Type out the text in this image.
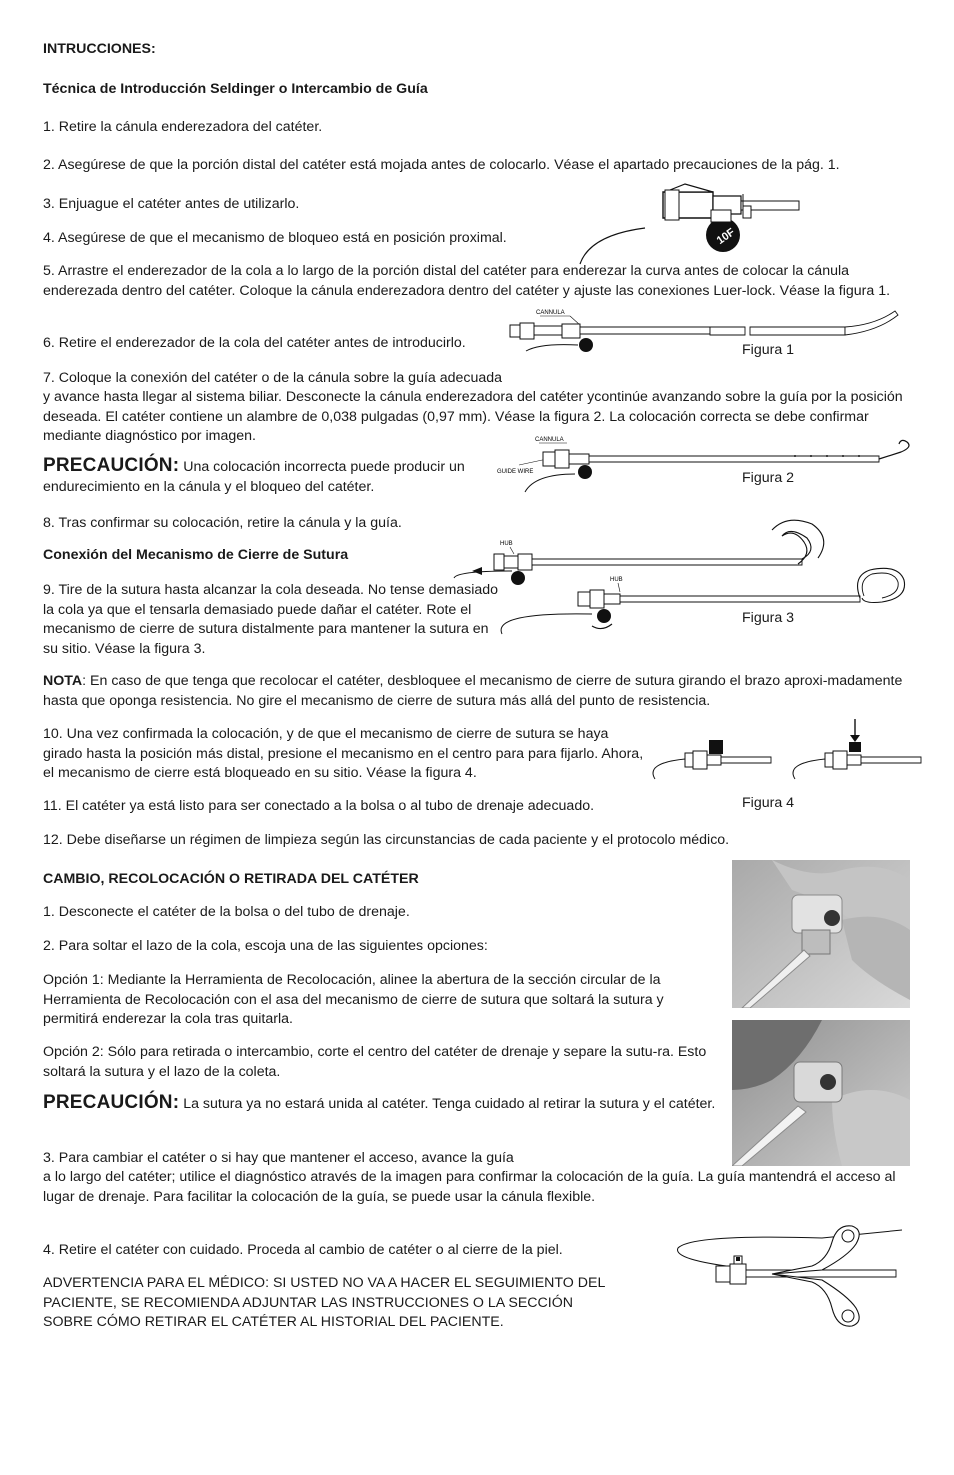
INTRUCCIONES:

Técnica de Introducción Seldinger o Intercambio de Guía

1. Retire la cánula enderezadora del catéter.

2. Asegúrese de que la porción distal del catéter está mojada antes de colocarlo. Véase el apartado precauciones de la pág. 1.

3. Enjuague el catéter antes de utilizarlo.

4. Asegúrese de que el mecanismo de bloqueo está en posición proximal.

5. Arrastre el enderezador de la cola a lo largo de la porción distal del catéter para enderezar la curva antes de colocar la cánula enderezada dentro del catéter. Coloque la cánula enderezadora dentro del catéter y ajuste las conexiones Luer-lock. Véase la figura 1.

6. Retire el enderezador de la cola del catéter antes de introducirlo.

7. Coloque la conexión del catéter o de la cánula sobre la guía adecuada

y avance hasta llegar al sistema biliar. Desconecte la cánula enderezadora del catéter ycontinúe avanzando sobre la guía por la posición deseada. El catéter contiene un alambre de 0,038 pulgadas (0,97 mm). Véase la figura 2. La colocación correcta se debe confirmar mediante diagnóstico por imagen.

PRECAUCIÓN: Una colocación incorrecta puede producir un endurecimiento en la cánula y el bloqueo del catéter.

8. Tras confirmar su colocación, retire la cánula y la guía.

Conexión del Mecanismo de Cierre de Sutura

9. Tire de la sutura hasta alcanzar la cola deseada. No tense demasiado la cola ya que el tensarla demasiado puede dañar el catéter. Rote el mecanismo de cierre de sutura distalmente para mantener la sutura en su sitio. Véase la figura 3.

NOTA: En caso de que tenga que recolocar el catéter, desbloquee el mecanismo de cierre de sutura girando el brazo aproxi-madamente hasta que oponga resistencia. No gire el mecanismo de cierre de sutura más allá del punto de resistencia.

10. Una vez confirmada la colocación, y de que el mecanismo de cierre de sutura se haya girado hasta la posición más distal, presione el mecanismo en el centro para para fijarlo. Ahora, el mecanismo de cierre está bloqueado en su sitio. Véase la figura 4.

11. El catéter ya está listo para ser conectado a la bolsa o al tubo de drenaje adecuado.

12. Debe diseñarse un régimen de limpieza según las circunstancias de cada paciente y el protocolo médico.

CAMBIO, RECOLOCACIÓN O RETIRADA DEL CATÉTER

1. Desconecte el catéter de la bolsa o del tubo de drenaje.

2. Para soltar el lazo de la cola, escoja una de las siguientes opciones:

Opción 1: Mediante la Herramienta de Recolocación, alinee la abertura de la sección circular de la Herramienta de Recolocación con el asa del mecanismo de cierre de sutura que soltará la sutura y permitirá enderezar la cola tras quitarla.

Opción 2: Sólo para retirada o intercambio, corte el centro del catéter de drenaje y separe la sutu-ra. Esto soltará la sutura y el lazo de la coleta.

PRECAUCIÓN: La sutura ya no estará unida al catéter. Tenga cuidado al retirar la sutura y el catéter.

3. Para cambiar el catéter o si hay que mantener el acceso, avance la guía

a lo largo del catéter; utilice el diagnóstico através de la imagen para confirmar la colocación de la guía. La guía mantendrá el acceso al lugar de drenaje. Para facilitar la colocación de la guía, se puede usar la cánula flexible.

4. Retire el catéter con cuidado. Proceda al cambio de catéter o al cierre de la piel.

ADVERTENCIA PARA EL MÉDICO: SI USTED NO VA A HACER EL SEGUIMIENTO DEL PACIENTE, SE RECOMIENDA ADJUNTAR LAS INSTRUCCIONES O LA SECCIÓN SOBRE CÓMO RETIRAR EL CATÉTER AL HISTORIAL DEL PACIENTE.

10F
CANNULA
Figura 1
CANNULA
GUIDE WIRE	Figura 2
HUB
HUB
Figura 3
Figura 4
